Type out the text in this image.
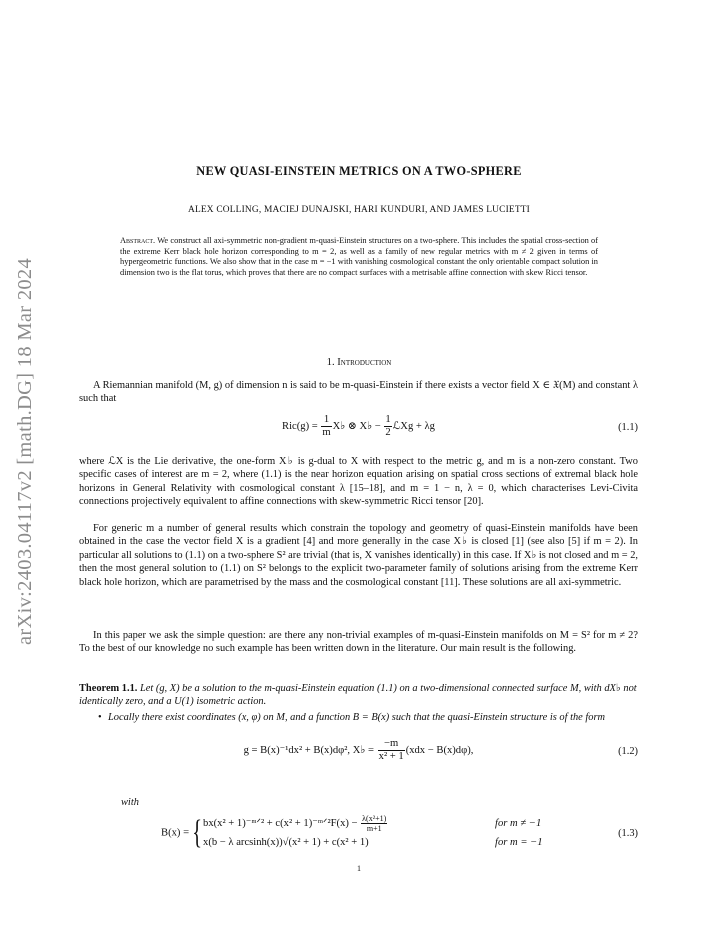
arXiv:2403.04117v2 [math.DG] 18 Mar 2024
NEW QUASI-EINSTEIN METRICS ON A TWO-SPHERE
ALEX COLLING, MACIEJ DUNAJSKI, HARI KUNDURI, AND JAMES LUCIETTI
Abstract. We construct all axi-symmetric non-gradient m-quasi-Einstein structures on a two-sphere. This includes the spatial cross-section of the extreme Kerr black hole horizon corresponding to m = 2, as well as a family of new regular metrics with m ≠ 2 given in terms of hypergeometric functions. We also show that in the case m = −1 with vanishing cosmological constant the only orientable compact solution in dimension two is the flat torus, which proves that there are no compact surfaces with a metrisable affine connection with skew Ricci tensor.
1. Introduction
A Riemannian manifold (M, g) of dimension n is said to be m-quasi-Einstein if there exists a vector field X ∈ 𝔛(M) and constant λ such that
$Ric(g) = \frac{1}{m}$ X♭ ⊗ X♭ − $\frac{1}{2}$ ℒXg + λg	(1.1)
where ℒX is the Lie derivative, the one-form X♭ is g-dual to X with respect to the metric g, and m is a non-zero constant. Two specific cases of interest are m = 2, where (1.1) is the near horizon equation arising on spatial cross sections of extremal black hole horizons in General Relativity with cosmological constant λ [15–18], and m = 1 − n, λ = 0, which characterises Levi-Civita connections projectively equivalent to affine connections with skew-symmetric Ricci tensor [20].
For generic m a number of general results which constrain the topology and geometry of quasi-Einstein manifolds have been obtained in the case the vector field X is a gradient [4] and more generally in the case X♭ is closed [1] (see also [5] if m = 2). In particular all solutions to (1.1) on a two-sphere S² are trivial (that is, X vanishes identically) in this case. If X♭ is not closed and m = 2, then the most general solution to (1.1) on S² belongs to the explicit two-parameter family of solutions arising from the extreme Kerr black hole horizon, which are parametrised by the mass and the cosmological constant [11]. These solutions are all axi-symmetric.
In this paper we ask the simple question: are there any non-trivial examples of m-quasi-Einstein manifolds on M = S² for m ≠ 2? To the best of our knowledge no such example has been written down in the literature. Our main result is the following.
Theorem 1.1. Let (g, X) be a solution to the m-quasi-Einstein equation (1.1) on a two-dimensional connected surface M, with dX♭ not identically zero, and a U(1) isometric action.
• Locally there exist coordinates (x, φ) on M, and a function B = B(x) such that the quasi-Einstein structure is of the form
g = B(x)⁻¹dx² + B(x)dφ², X♭ = $\frac{-m}{\text{x² + 1}} (xdx - B(x)d\varphi)$,	(1.2)
with
B(x) = { bx(x² + 1)⁻ᵐᐟ² + c(x² + 1)⁻ᵐᐟ²F(x) − $\frac{\text{λ(x²+1)}}{m+1}$	for m ≠ −1
x(b − λ arcsinh(x))√(x² + 1) + c(x² + 1)	for m = −1
(1.3)
1
